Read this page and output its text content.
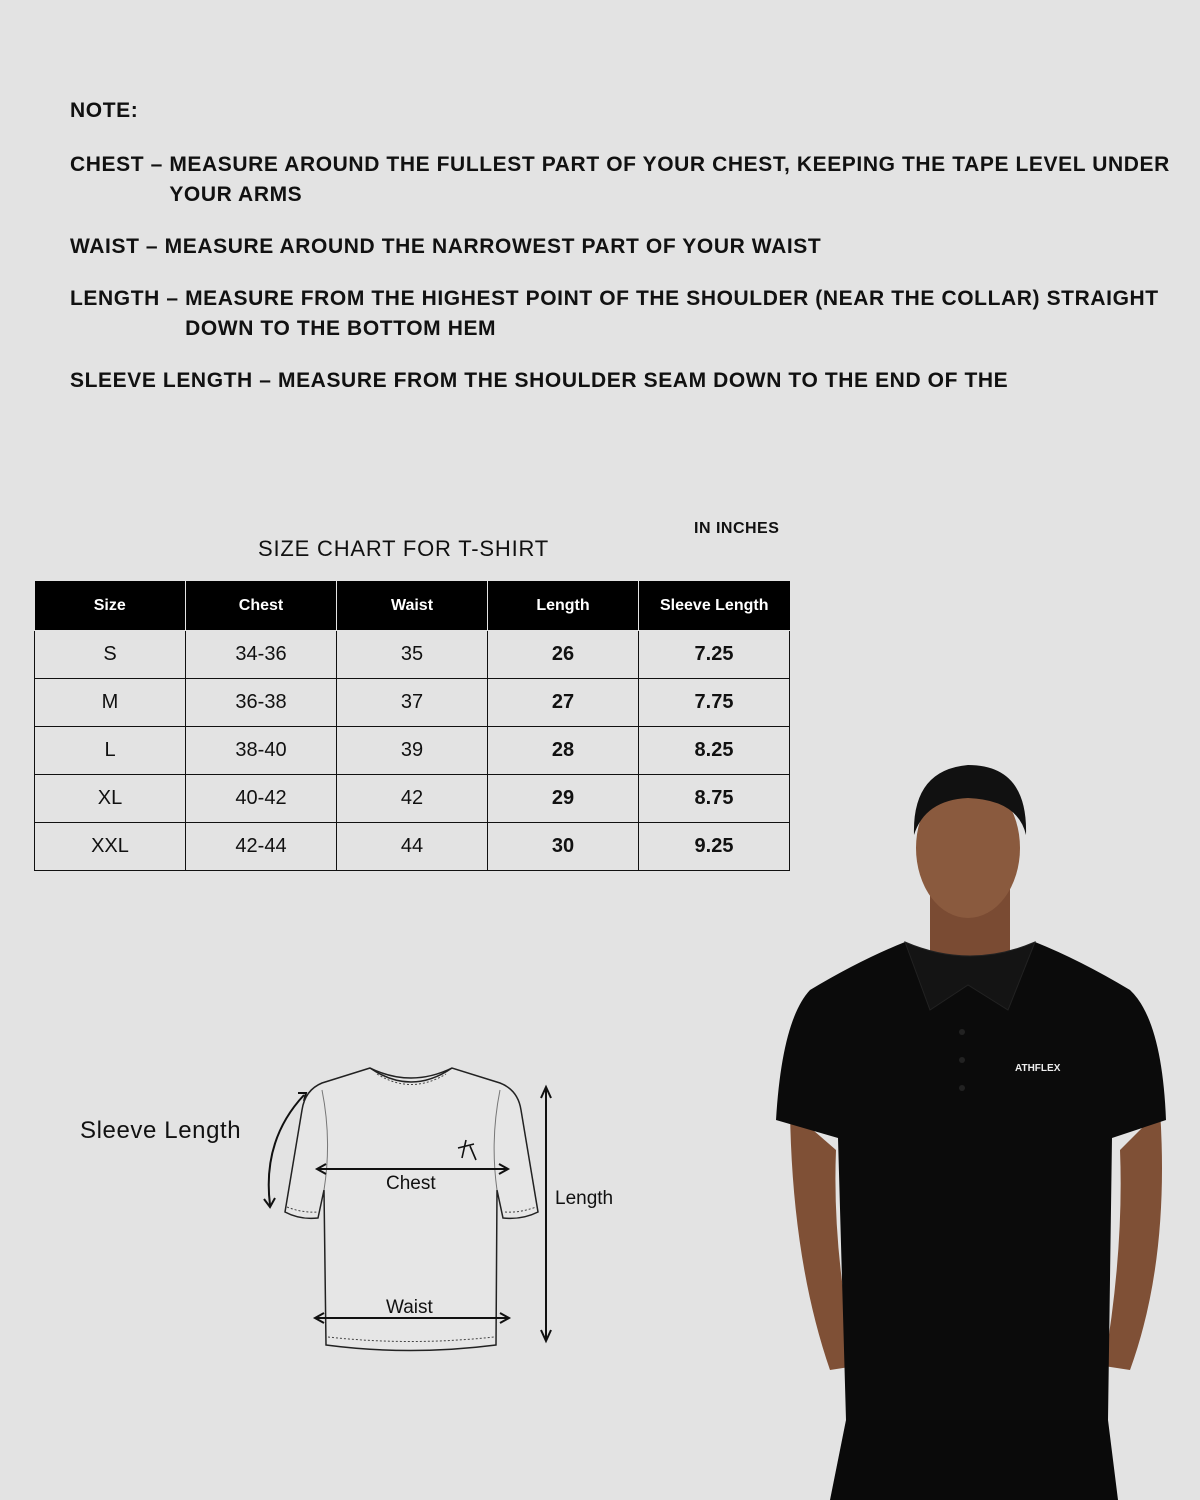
NOTE:
CHEST – MEASURE AROUND THE FULLEST PART OF YOUR CHEST, KEEPING THE TAPE LEVEL UNDER YOUR ARMS
WAIST – MEASURE AROUND THE NARROWEST PART OF YOUR WAIST
LENGTH – MEASURE FROM THE HIGHEST POINT OF THE SHOULDER (NEAR THE COLLAR) STRAIGHT DOWN TO THE BOTTOM HEM
SLEEVE LENGTH – MEASURE FROM THE SHOULDER SEAM DOWN TO THE END OF THE
IN INCHES
SIZE CHART FOR T-SHIRT
Size	Chest	Waist	Length	Sleeve Length
S	34-36	35	26	7.25
M	36-38	37	27	7.75
L	38-40	39	28	8.25
XL	40-42	42	29	8.75
XXL	42-44	44	30	9.25
Sleeve Length
Chest
Waist
Length
ATHFLEX
